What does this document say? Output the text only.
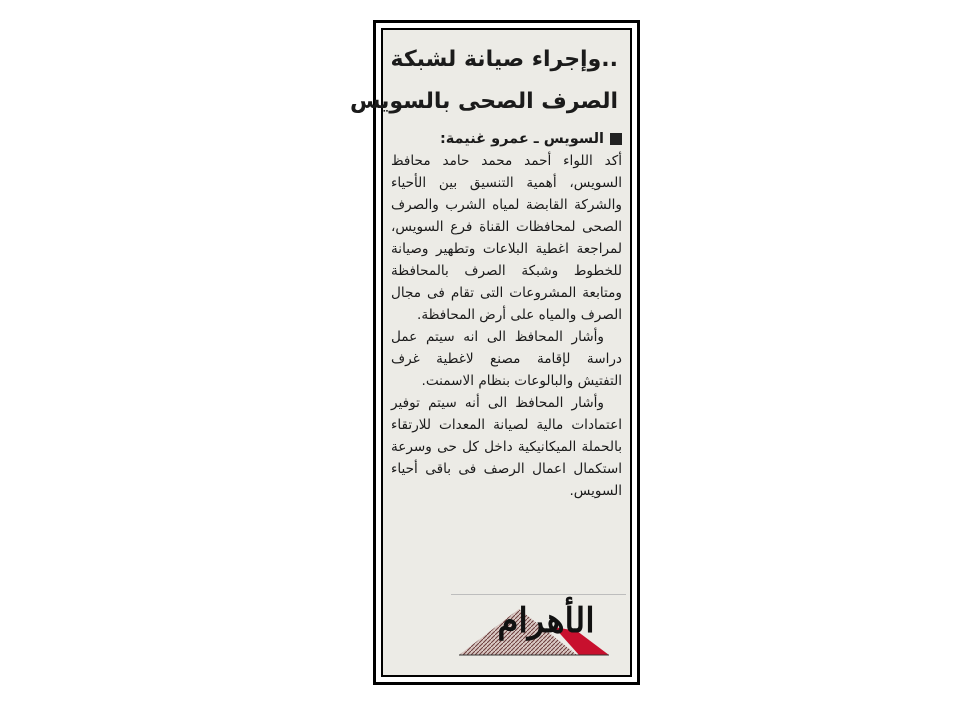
..وإجراء صيانة لشبكة
الصرف الصحى بالسويس
السويس ـ عمرو غنيمة:

أكد اللواء أحمد محمد حامد محافظ السويس، أهمية التنسيق بين الأحياء والشركة القابضة لمياه الشرب والصرف الصحى لمحافظات القناة فرع السويس، لمراجعة اغطية البلاعات وتطهير وصيانة للخطوط وشبكة الصرف بالمحافظة ومتابعة المشروعات التى تقام فى مجال الصرف والمياه على أرض المحافظة.

وأشار المحافظ الى انه سيتم عمل دراسة لإقامة مصنع لاغطية غرف التفتيش والبالوعات بنظام الاسمنت.

وأشار المحافظ الى أنه سيتم توفير اعتمادات مالية لصيانة المعدات للارتقاء بالحملة الميكانيكية داخل كل حى وسرعة استكمال اعمال الرصف فى باقى أحياء السويس.

الأهرام
